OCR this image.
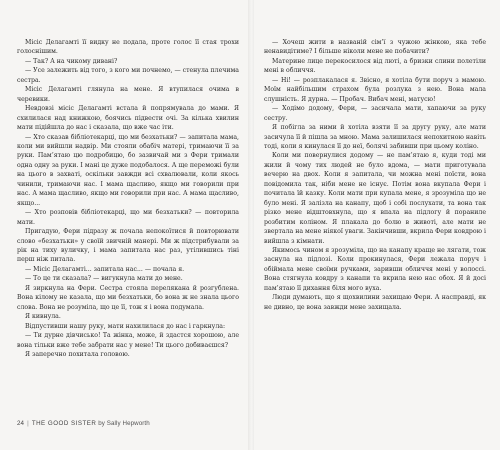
Місіс Делагамті її видку не подала, проте голос її стая трохи голоснішим.

— Так? А на чикому дивані?

— Усе залежить від того, з кого ми почнемо, — стенула плечима сестра.

Місіс Делагамті глянула на мене. Я втупилася очима в черевики.

Невдовзі місіс Делагамті встала й попрямувала до мами. Я схилилася над книжкою, боячись підвести очі. За кілька хвилин мати підійшла до нас і сказала, що вже час іти.

— Хто сказав бібліотекарці, що ми безхатьки? — запитала мама, коли ми вийшли надвір. Ми стояли обабіч матері, тримаючи її за руки. Пам’ятаю цю подробицю, бо зазвичай ми з Фери тримали одна одну за руки. І мані це дуже подобалося. А ще переможі були на цього в захваті, оскільки завжди всі схвалювали, коли якось чинили, тримаючи нас. І мама щасливо, якщо ми говорили при нас. А мама щасливо, якщо ми говорили при нас. А мама щасливо, якщо...

— Хто розповів бібліотекарці, що ми безхатьки? — повторила мати.

Пригадую, Фери підразу ж почала непокоїтися й повторювати слово «безхатьки» у своїй звичній манері. Ми ж підстрибували за рік на тиху вуличку, і мама запитала нас раз, утілившись тіні перш ніж питала.

— Місіс Делагамті... запитала нас... — почала я.

— То це ти сказала? — вигукнула мати до мене.

Я зиркнула на Фери. Сестра стояла перелякана й розгублена. Вона кілому не казала, що ми безхатьки, бо вона ж не знала цього слова. Вона не розуміла, що це її, тож я і вона подумала.

Я кивнула.

Відпустивши нашу руку, мати нахилилася до нас і гаркнула:

— Ти дурне дівчисько! Та жінка, може, й здастся хорошою, але вона тільки вже тебе забрати нас у мене! Ти цього добиваєшся?

Я заперечно похитала головою.

— Хочеш жити в названій сім’ї з чужою жінкою, яка тебе ненавидітиме? І більше ніколи мене не побачити?

Материне лице перекосилося від люті, а бризки слини полетіли мені в обличчя.

— Ні! — розплакалася я. Звісно, я хотіла бути поруч з мамою. Моїм найбільшим страхом була розлука з нею. Вона мала слушність. Я дурна. — Пробач. Вибач мені, матусю!

— Ходімо додому, Фери, — засичала мати, хапаючи за руку сестру.

Я побігла за ними й хотіла взяти її за другу руку, але мати засичула її й пішла за мною. Мама залишилася непохитною навіть тоді, коли я кинулася її до неї, болячі забивши при цьому коліно.

Коли ми повернулися додому — не пам’ятаю я, куди тоді ми жили й чому тих людей не було вдома, — мати приготувала вечерю на двох. Коли я запитала, чи можна мені поїсти, вона повідомила так, ніби мене не існує. Потім вона вкупала Фери і почитала їй казку. Коли мати при купала мене, я зрозуміла що не було мені. Я залізла на канапу, щоб і собі послухати, та вона так різко мене відштовхнула, що я впала на підлогу й пораниле розбитим коліном. Я плакала до болю в животі, але мати не звертала на мене ніякої уваги. Закінчивши, вкрила Фери ковдрою і вийшла з кімнати.

Якимось чином я зрозуміла, що на канапу краще не лягати, тож заснула на підлозі. Коли прокинулася, Фери лежала поруч і обіймала мене своїми ручками, заривши обличчя мені у волоссі. Вона стягнула ковдру з канапи та вкрила нею нас обох. Я й досі пам’ятаю її дихання біля мого вуха.

Люди думають, що я щохвилини захищаю Фери. А насправді, як не дивно, це вона завжди мене захищала.

24 | THE GOOD SISTER by Sally Hepworth
